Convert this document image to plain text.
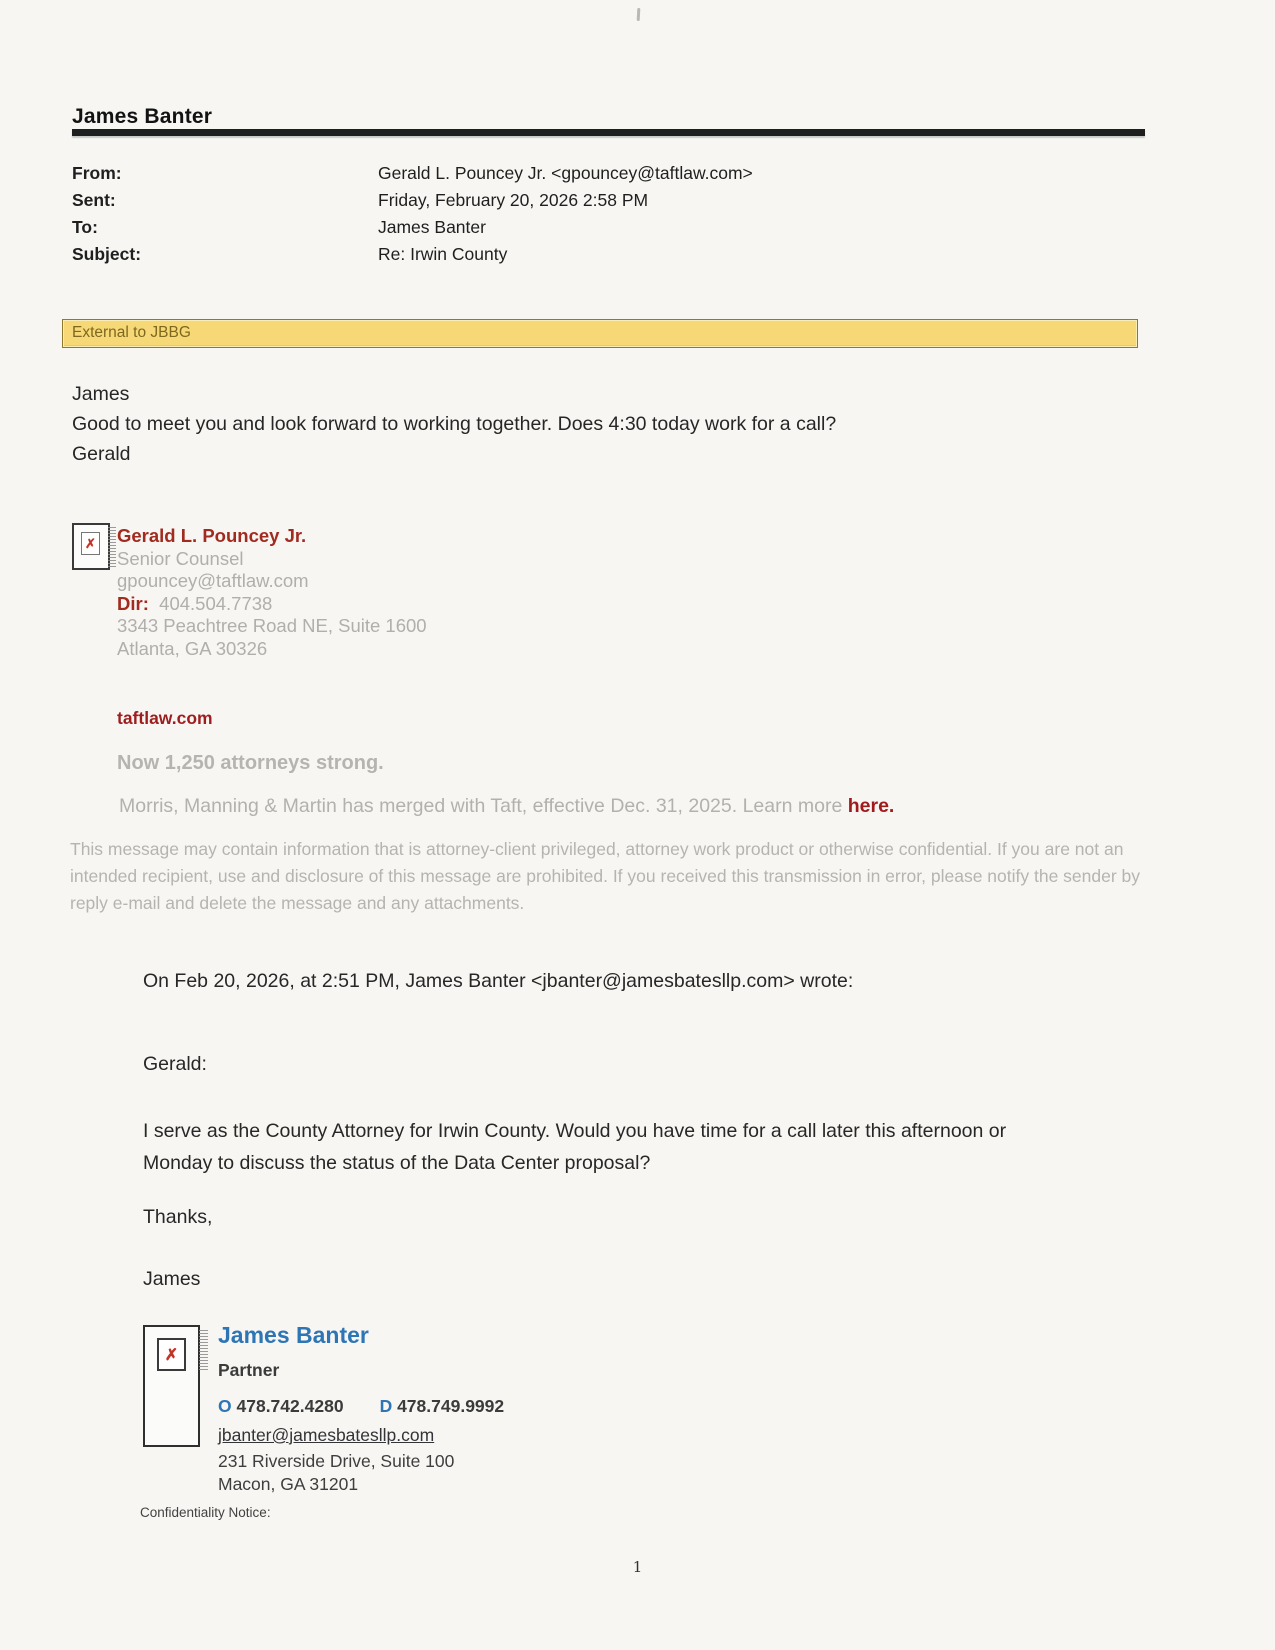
James Banter
From:	Gerald L. Pouncey Jr. <gpouncey@taftlaw.com>
Sent:	Friday, February 20, 2026 2:58 PM
To:	James Banter
Subject:	Re: Irwin County
External to JBBG
James
Good to meet you and look forward to working together. Does 4:30 today work for a call?
Gerald
✗ Gerald L. Pouncey Jr.
Senior Counsel
gpouncey@taftlaw.com
Dir: 404.504.7738
3343 Peachtree Road NE, Suite 1600
Atlanta, GA 30326
taftlaw.com
Now 1,250 attorneys strong.
Morris, Manning & Martin has merged with Taft, effective Dec. 31, 2025. Learn more here.
This message may contain information that is attorney-client privileged, attorney work product or otherwise confidential. If you are not an intended recipient, use and disclosure of this message are prohibited. If you received this transmission in error, please notify the sender by reply e-mail and delete the message and any attachments.
On Feb 20, 2026, at 2:51 PM, James Banter <jbanter@jamesbatesllp.com> wrote:
Gerald:
I serve as the County Attorney for Irwin County. Would you have time for a call later this afternoon or Monday to discuss the status of the Data Center proposal?
Thanks,
James
✗
James Banter
Partner
O 478.742.4280 D 478.749.9992
jbanter@jamesbatesllp.com
231 Riverside Drive, Suite 100
Macon, GA 31201
Confidentiality Notice:
1
